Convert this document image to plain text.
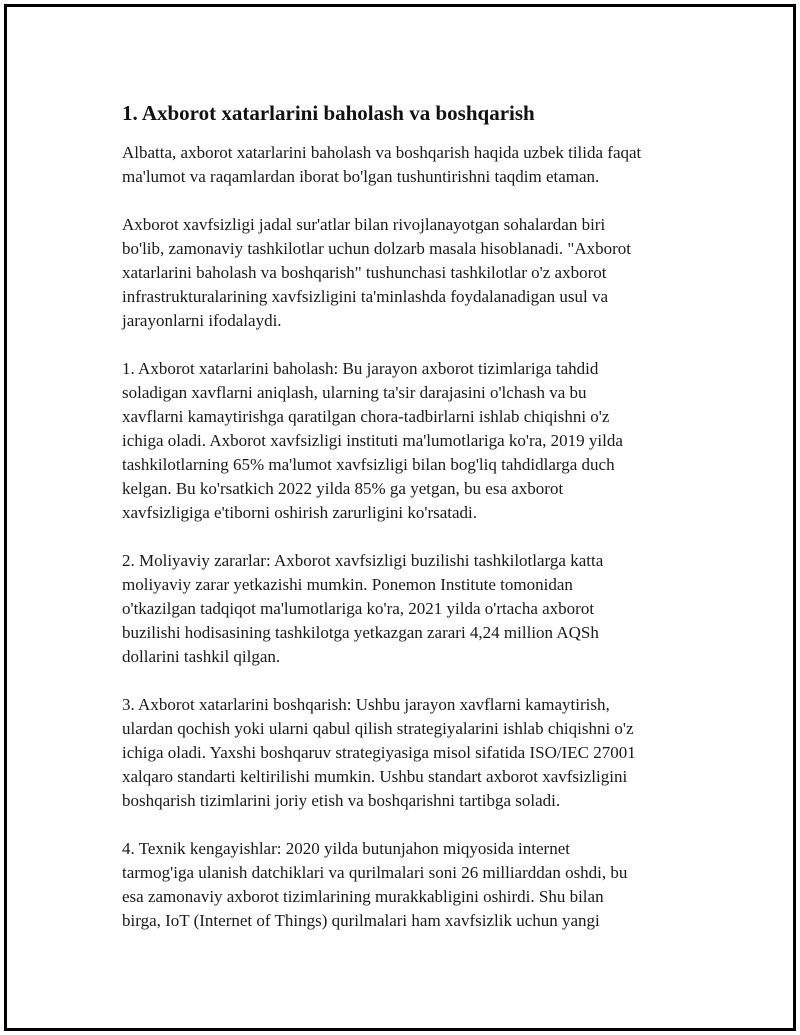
1. Axborot xatarlarini baholash va boshqarish

Albatta, axborot xatarlarini baholash va boshqarish haqida uzbek tilida faqat
ma'lumot va raqamlardan iborat bo'lgan tushuntirishni taqdim etaman.

Axborot xavfsizligi jadal sur'atlar bilan rivojlanayotgan sohalardan biri
bo'lib, zamonaviy tashkilotlar uchun dolzarb masala hisoblanadi. "Axborot
xatarlarini baholash va boshqarish" tushunchasi tashkilotlar o'z axborot
infrastrukturalarining xavfsizligini ta'minlashda foydalanadigan usul va
jarayonlarni ifodalaydi.

1. Axborot xatarlarini baholash: Bu jarayon axborot tizimlariga tahdid
soladigan xavflarni aniqlash, ularning ta'sir darajasini o'lchash va bu
xavflarni kamaytirishga qaratilgan chora-tadbirlarni ishlab chiqishni o'z
ichiga oladi. Axborot xavfsizligi instituti ma'lumotlariga ko'ra, 2019 yilda
tashkilotlarning 65% ma'lumot xavfsizligi bilan bog'liq tahdidlarga duch
kelgan. Bu ko'rsatkich 2022 yilda 85% ga yetgan, bu esa axborot
xavfsizligiga e'tiborni oshirish zarurligini ko'rsatadi.

2. Moliyaviy zararlar: Axborot xavfsizligi buzilishi tashkilotlarga katta
moliyaviy zarar yetkazishi mumkin. Ponemon Institute tomonidan
o'tkazilgan tadqiqot ma'lumotlariga ko'ra, 2021 yilda o'rtacha axborot
buzilishi hodisasining tashkilotga yetkazgan zarari 4,24 million AQSh
dollarini tashkil qilgan.

3. Axborot xatarlarini boshqarish: Ushbu jarayon xavflarni kamaytirish,
ulardan qochish yoki ularni qabul qilish strategiyalarini ishlab chiqishni o'z
ichiga oladi. Yaxshi boshqaruv strategiyasiga misol sifatida ISO/IEC 27001
xalqaro standarti keltirilishi mumkin. Ushbu standart axborot xavfsizligini
boshqarish tizimlarini joriy etish va boshqarishni tartibga soladi.

4. Texnik kengayishlar: 2020 yilda butunjahon miqyosida internet
tarmog'iga ulanish datchiklari va qurilmalari soni 26 milliarddan oshdi, bu
esa zamonaviy axborot tizimlarining murakkabligini oshirdi. Shu bilan
birga, IoT (Internet of Things) qurilmalari ham xavfsizlik uchun yangi
